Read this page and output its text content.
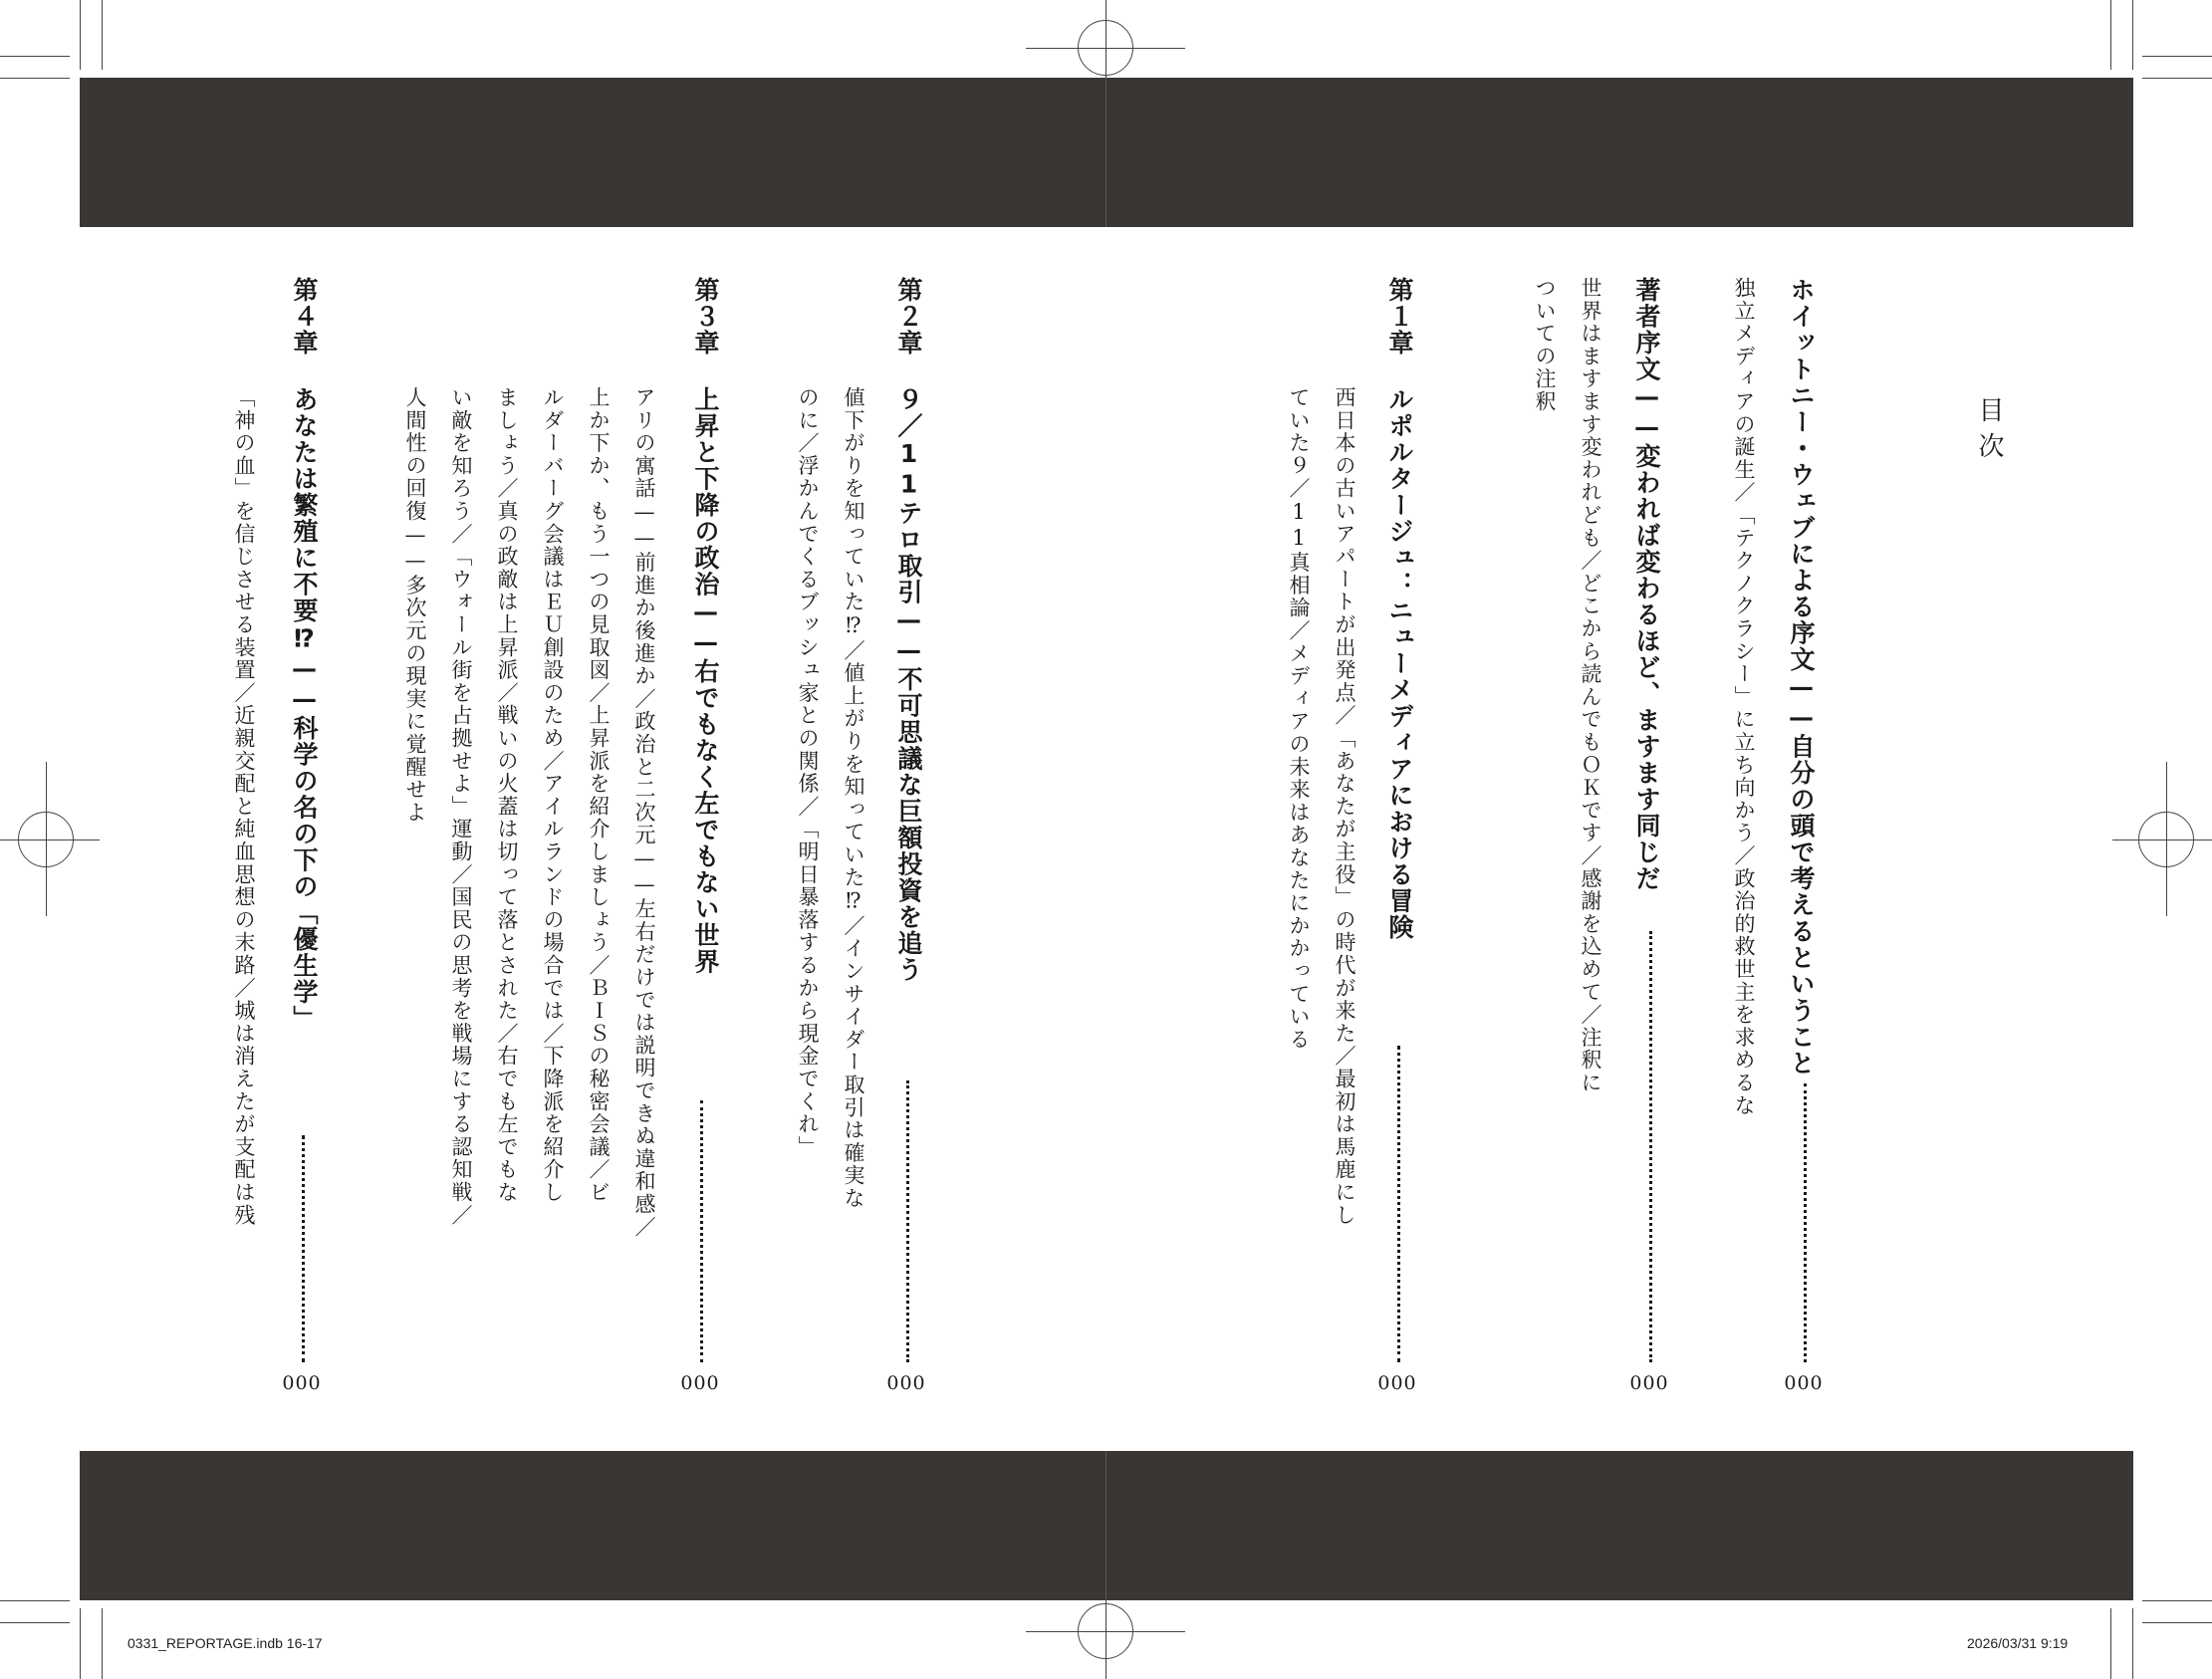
目次
ホイットニー・ウェブによる序文——自分の頭で考えるということ
000
独立メディアの誕生／「テクノクラシー」に立ち向かう／政治的救世主を求めるな
著者序文——変われば変わるほど、ますます同じだ
000
世界はますます変われども／どこから読んでもＯＫです／感謝を込めて／注釈に
ついての注釈
第１章
ルポルタージュ：ニューメディアにおける冒険
000
西日本の古いアパートが出発点／「あなたが主役」の時代が来た／最初は馬鹿にし
ていた９／11真相論／メディアの未来はあなたにかかっている
第２章
９／11テロ取引——不可思議な巨額投資を追う
000
値下がりを知っていた⁉／値上がりを知っていた⁉／インサイダー取引は確実な
のに／浮かんでくるブッシュ家との関係／「明日暴落するから現金でくれ」
第３章
上昇と下降の政治——右でもなく左でもない世界
000
アリの寓話——前進か後進か／政治と二次元——左右だけでは説明できぬ違和感／
上か下か、もう一つの見取図／上昇派を紹介しましょう／ＢＩＳの秘密会議／ビ
ルダーバーグ会議はＥＵ創設のため／アイルランドの場合では／下降派を紹介し
ましょう／真の政敵は上昇派／戦いの火蓋は切って落とされた／右でも左でもな
い敵を知ろう／「ウォール街を占拠せよ」運動／国民の思考を戦場にする認知戦／
人間性の回復——多次元の現実に覚醒せよ
第４章
あなたは繁殖に不要⁉——科学の名の下の「優生学」
000
「神の血」を信じさせる装置／近親交配と純血思想の末路／城は消えたが支配は残
0331_REPORTAGE.indb 16-17	2026/03/31 9:19
